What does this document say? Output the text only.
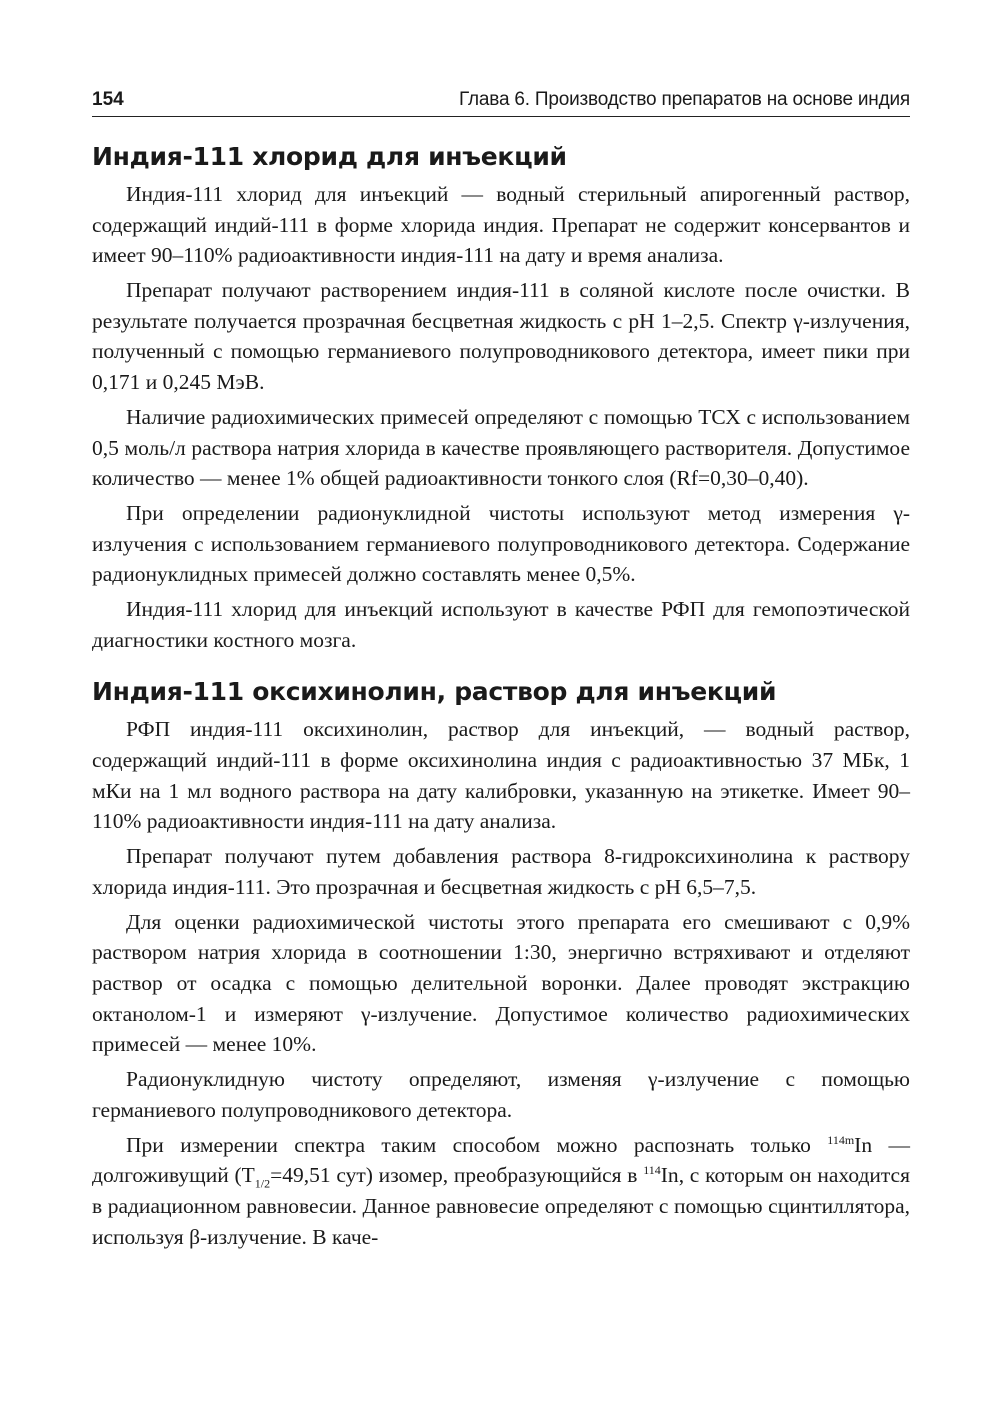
154	Глава 6. Производство препаратов на основе индия
Индия-111 хлорид для инъекций

Индия-111 хлорид для инъекций — водный стерильный апирогенный раствор, содержащий индий-111 в форме хлорида индия. Препарат не содержит консервантов и имеет 90–110% радиоактивности индия-111 на дату и время анализа.

Препарат получают растворением индия-111 в соляной кислоте после очистки. В результате получается прозрачная бесцветная жидкость с pH 1–2,5. Спектр γ-излучения, полученный с помощью германиевого полупроводникового детектора, имеет пики при 0,171 и 0,245 МэВ.

Наличие радиохимических примесей определяют с помощью ТСХ с использованием 0,5 моль/л раствора натрия хлорида в качестве проявляющего растворителя. Допустимое количество — менее 1% общей радиоактивности тонкого слоя (Rf=0,30–0,40).

При определении радионуклидной чистоты используют метод измерения γ-излучения с использованием германиевого полупроводникового детектора. Содержание радионуклидных примесей должно составлять менее 0,5%.

Индия-111 хлорид для инъекций используют в качестве РФП для гемопоэтической диагностики костного мозга.

Индия-111 оксихинолин, раствор для инъекций

РФП индия-111 оксихинолин, раствор для инъекций, — водный раствор, содержащий индий-111 в форме оксихинолина индия с радиоактивностью 37 МБк, 1 мКи на 1 мл водного раствора на дату калибровки, указанную на этикетке. Имеет 90–110% радиоактивности индия-111 на дату анализа.

Препарат получают путем добавления раствора 8-гидроксихинолина к раствору хлорида индия-111. Это прозрачная и бесцветная жидкость с pH 6,5–7,5.

Для оценки радиохимической чистоты этого препарата его смешивают с 0,9% раствором натрия хлорида в соотношении 1:30, энергично встряхивают и отделяют раствор от осадка с помощью делительной воронки. Далее проводят экстракцию октанолом-1 и измеряют γ-излучение. Допустимое количество радиохимических примесей — менее 10%.

Радионуклидную чистоту определяют, изменяя γ-излучение с помощью германиевого полупроводникового детектора.

При измерении спектра таким способом можно распознать только $^{114m}$In — долгоживущий ($T_{1/2}=49,51$ сут) изомер, преобразующийся в $^{114}$In, с которым он находится в радиационном равновесии. Данное равновесие определяют с помощью сцинтиллятора, используя β-излучение. В каче-
